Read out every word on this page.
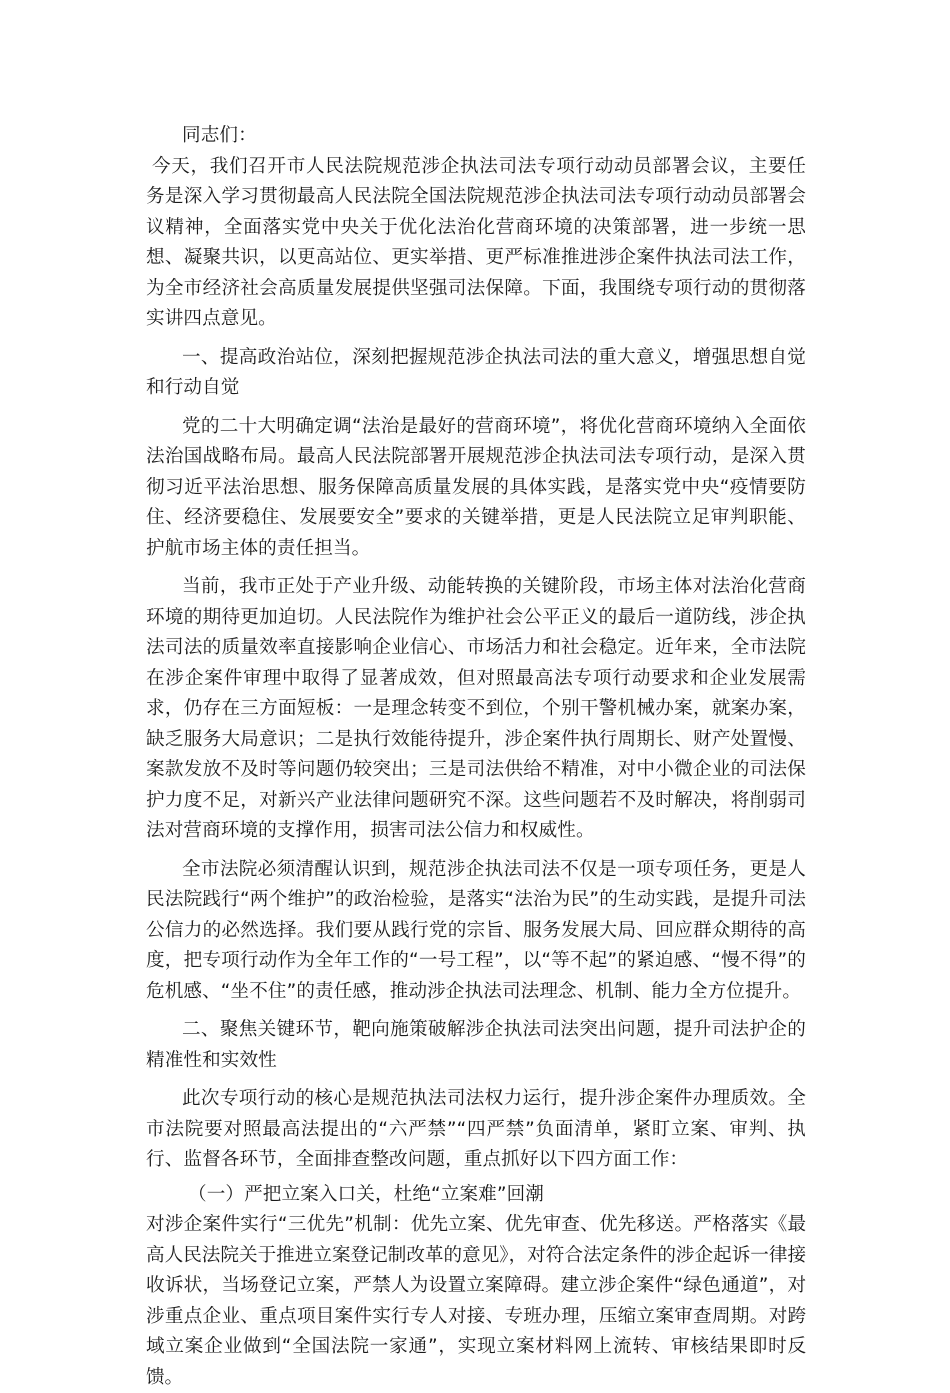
同志们：

今天，我们召开市人民法院规范涉企执法司法专项行动动员部署会议，主要任务是深入学习贯彻最高人民法院全国法院规范涉企执法司法专项行动动员部署会议精神，全面落实党中央关于优化法治化营商环境的决策部署，进一步统一思想、凝聚共识，以更高站位、更实举措、更严标准推进涉企案件执法司法工作，为全市经济社会高质量发展提供坚强司法保障。下面，我围绕专项行动的贯彻落实讲四点意见。

一、提高政治站位，深刻把握规范涉企执法司法的重大意义，增强思想自觉和行动自觉

党的二十大明确定调“法治是最好的营商环境”，将优化营商环境纳入全面依法治国战略布局。最高人民法院部署开展规范涉企执法司法专项行动，是深入贯彻习近平法治思想、服务保障高质量发展的具体实践，是落实党中央“疫情要防住、经济要稳住、发展要安全”要求的关键举措，更是人民法院立足审判职能、护航市场主体的责任担当。

当前，我市正处于产业升级、动能转换的关键阶段，市场主体对法治化营商环境的期待更加迫切。人民法院作为维护社会公平正义的最后一道防线，涉企执法司法的质量效率直接影响企业信心、市场活力和社会稳定。近年来，全市法院在涉企案件审理中取得了显著成效，但对照最高法专项行动要求和企业发展需求，仍存在三方面短板：一是理念转变不到位，个别干警机械办案，就案办案，缺乏服务大局意识；二是执行效能待提升，涉企案件执行周期长、财产处置慢、案款发放不及时等问题仍较突出；三是司法供给不精准，对中小微企业的司法保护力度不足，对新兴产业法律问题研究不深。这些问题若不及时解决，将削弱司法对营商环境的支撑作用，损害司法公信力和权威性。

全市法院必须清醒认识到，规范涉企执法司法不仅是一项专项任务，更是人民法院践行“两个维护”的政治检验，是落实“法治为民”的生动实践，是提升司法公信力的必然选择。我们要从践行党的宗旨、服务发展大局、回应群众期待的高度，把专项行动作为全年工作的“一号工程”，以“等不起”的紧迫感、“慢不得”的危机感、“坐不住”的责任感，推动涉企执法司法理念、机制、能力全方位提升。

二、聚焦关键环节，靶向施策破解涉企执法司法突出问题，提升司法护企的精准性和实效性

此次专项行动的核心是规范执法司法权力运行，提升涉企案件办理质效。全市法院要对照最高法提出的“六严禁”“四严禁”负面清单，紧盯立案、审判、执行、监督各环节，全面排查整改问题，重点抓好以下四方面工作：

（一）严把立案入口关，杜绝“立案难”回潮

对涉企案件实行“三优先”机制：优先立案、优先审查、优先移送。严格落实《最高人民法院关于推进立案登记制改革的意见》，对符合法定条件的涉企起诉一律接收诉状，当场登记立案，严禁人为设置立案障碍。建立涉企案件“绿色通道”，对涉重点企业、重点项目案件实行专人对接、专班办理，压缩立案审查周期。对跨域立案企业做到“全国法院一家通”，实现立案材料网上流转、审核结果即时反馈。
